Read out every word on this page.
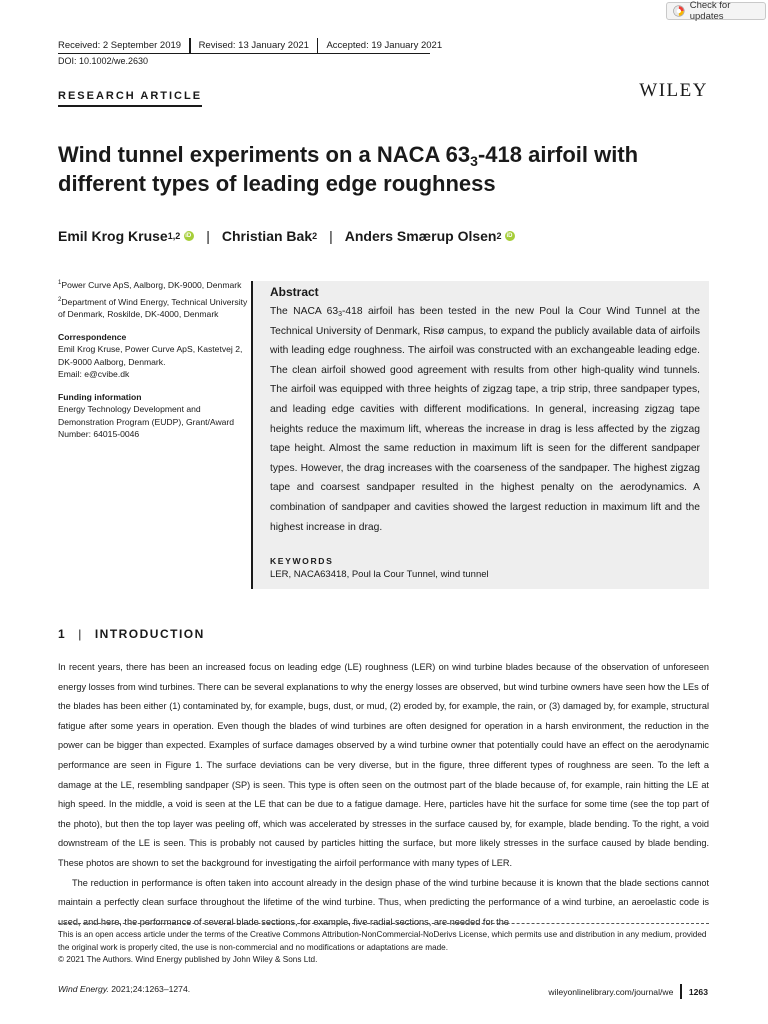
Check for updates
Received: 2 September 2019 Revised: 13 January 2021 Accepted: 19 January 2021
DOI: 10.1002/we.2630
RESEARCH ARTICLE	WILEY
Wind tunnel experiments on a NACA $63_3-418$ airfoil with different types of leading edge roughness
Emil Krog Kruse 1,2
iD | Christian Bak 2 | Anders Smærup Olsen 2
iD
$^1$Power Curve ApS, Aalborg, DK-9000, Denmark
$^2$Department of Wind Energy, Technical University of Denmark, Roskilde, DK-4000, Denmark
Correspondence
Emil Krog Kruse, Power Curve ApS, Kastetvej 2, DK-9000 Aalborg, Denmark.
Email: e@cvibe.dk
Funding information
Energy Technology Development and Demonstration Program (EUDP), Grant/Award Number: 64015-0046
Abstract
The NACA $63_3-418$ airfoil has been tested in the new Poul la Cour Wind Tunnel at the Technical University of Denmark, Risø campus, to expand the publicly available data of airfoils with leading edge roughness. The airfoil was constructed with an exchangeable leading edge. The clean airfoil showed good agreement with results from other high-quality wind tunnels. The airfoil was equipped with three heights of zigzag tape, a trip strip, three sandpaper types, and leading edge cavities with different modifications. In general, increasing zigzag tape heights reduce the maximum lift, whereas the increase in drag is less affected by the zigzag tape height. Almost the same reduction in maximum lift is seen for the different sandpaper types. However, the drag increases with the coarseness of the sandpaper. The highest zigzag tape and coarsest sandpaper resulted in the highest penalty on the aerodynamics. A combination of sandpaper and cavities showed the largest reduction in maximum lift and the highest increase in drag.
KEYWORDS
LER, NACA63418, Poul la Cour Tunnel, wind tunnel
1 | INTRODUCTION

In recent years, there has been an increased focus on leading edge (LE) roughness (LER) on wind turbine blades because of the observation of unforeseen energy losses from wind turbines. There can be several explanations to why the energy losses are observed, but wind turbine owners have seen how the LEs of the blades has been either (1) contaminated by, for example, bugs, dust, or mud, (2) eroded by, for example, the rain, or (3) damaged by, for example, structural fatigue after some years in operation. Even though the blades of wind turbines are often designed for operation in a harsh environment, the reduction in the power can be bigger than expected. Examples of surface damages observed by a wind turbine owner that potentially could have an effect on the aerodynamic performance are seen in Figure 1. The surface deviations can be very diverse, but in the figure, three different types of roughness are seen. To the left a damage at the LE, resembling sandpaper (SP) is seen. This type is often seen on the outmost part of the blade because of, for example, rain hitting the LE at high speed. In the middle, a void is seen at the LE that can be due to a fatigue damage. Here, particles have hit the surface for some time (see the top part of the photo), but then the top layer was peeling off, which was accelerated by stresses in the surface caused by, for example, blade bending. To the right, a void downstream of the LE is seen. This is probably not caused by particles hitting the surface, but more likely stresses in the surface caused by blade bending. These photos are shown to set the background for investigating the airfoil performance with many types of LER.

The reduction in performance is often taken into account already in the design phase of the wind turbine because it is known that the blade sections cannot maintain a perfectly clean surface throughout the lifetime of the wind turbine. Thus, when predicting the performance of a wind turbine, an aeroelastic code is used, and here, the performance of several blade sections, for example, five radial sections, are needed for the

This is an open access article under the terms of the Creative Commons Attribution-NonCommercial-NoDerivs License, which permits use and distribution in any medium, provided the original work is properly cited, the use is non-commercial and no modifications or adaptations are made.
© 2021 The Authors. Wind Energy published by John Wiley & Sons Ltd.
Wind Energy. 2021;24:1263–1274.	wileyonlinelibrary.com/journal/we 1263
